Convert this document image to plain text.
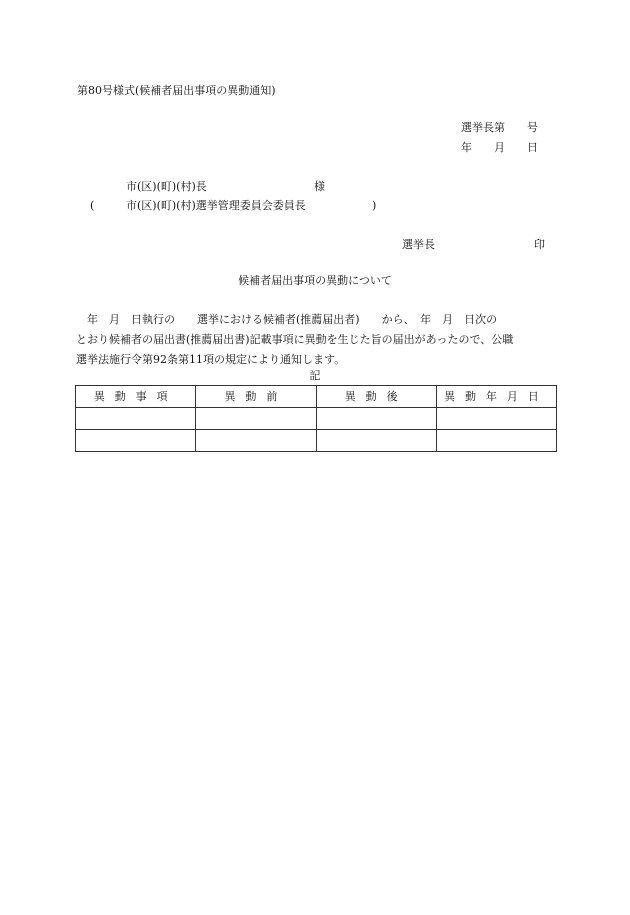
第80号様式(候補者届出事項の異動通知)
選挙長第　　号
年　　月　　日
市(区)(町)(村)長	様
(	市(区)(町)(村)選挙管理委員会委員長	)
選挙長	印
候補者届出事項の異動について
　年　月　日執行の　　選挙における候補者(推薦届出者)　　から、　年　月　日次の
とおり候補者の届出書(推薦届出書)記載事項に異動を生じた旨の届出があったので、公職
選挙法施行令第92条第11項の規定により通知します。
記
異動事項	異動前	異動後	異動年月日
